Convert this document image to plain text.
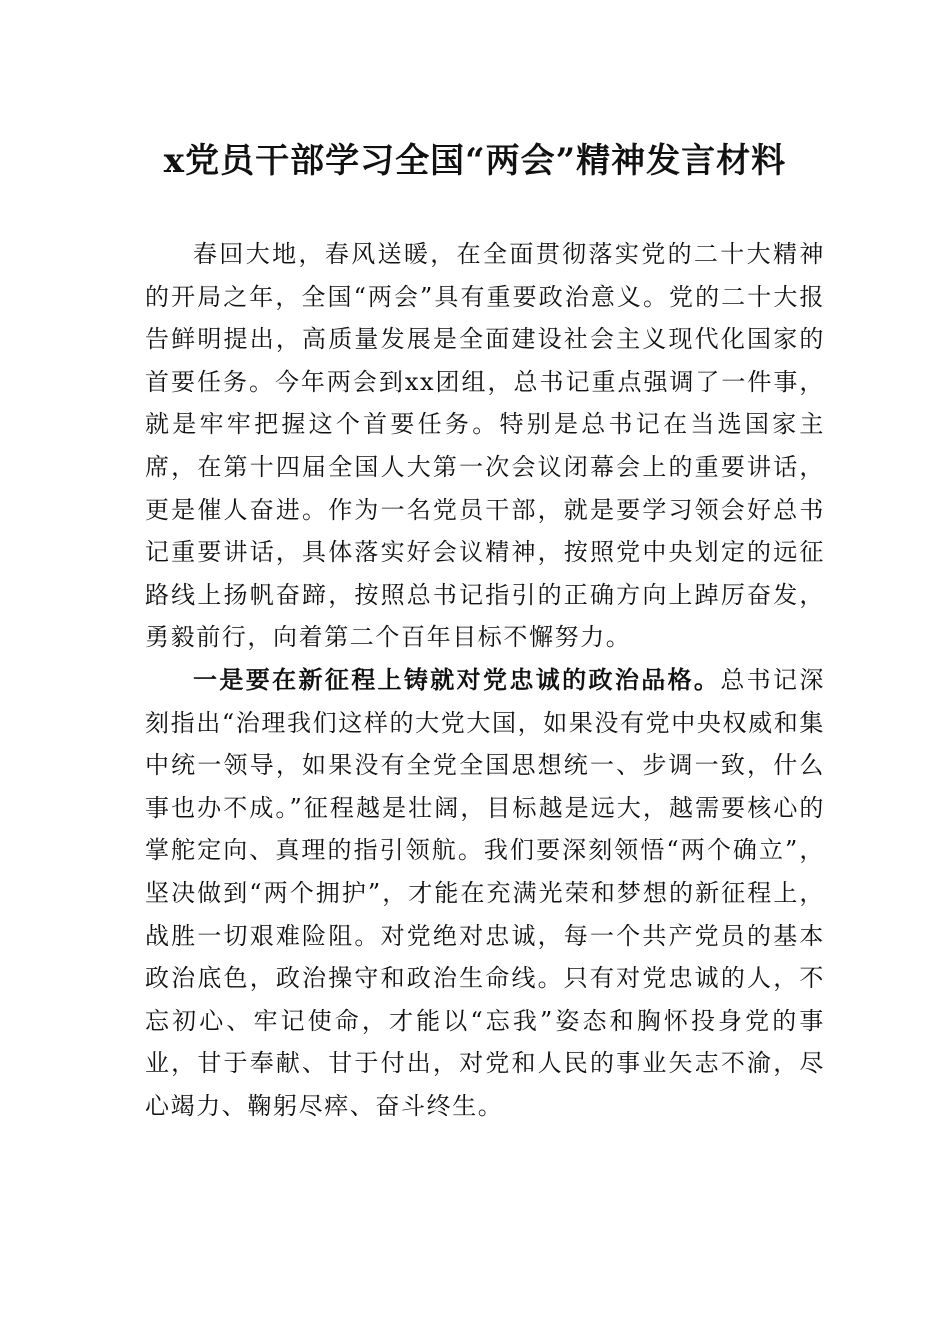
x党员干部学习全国“两会”精神发言材料

春回大地，春风送暖，在全面贯彻落实党的二十大精神的开局之年，全国“两会”具有重要政治意义。党的二十大报告鲜明提出，高质量发展是全面建设社会主义现代化国家的首要任务。今年两会到xx团组，总书记重点强调了一件事，就是牢牢把握这个首要任务。特别是总书记在当选国家主席，在第十四届全国人大第一次会议闭幕会上的重要讲话，更是催人奋进。作为一名党员干部，就是要学习领会好总书记重要讲话，具体落实好会议精神，按照党中央划定的远征路线上扬帆奋蹄，按照总书记指引的正确方向上踔厉奋发，勇毅前行，向着第二个百年目标不懈努力。

一是要在新征程上铸就对党忠诚的政治品格。总书记深刻指出“治理我们这样的大党大国，如果没有党中央权威和集中统一领导，如果没有全党全国思想统一、步调一致，什么事也办不成。”征程越是壮阔，目标越是远大，越需要核心的掌舵定向、真理的指引领航。我们要深刻领悟“两个确立”，坚决做到“两个拥护”，才能在充满光荣和梦想的新征程上，战胜一切艰难险阻。对党绝对忠诚，每一个共产党员的基本政治底色，政治操守和政治生命线。只有对党忠诚的人，不忘初心、牢记使命，才能以“忘我”姿态和胸怀投身党的事业，甘于奉献、甘于付出，对党和人民的事业矢志不渝，尽心竭力、鞠躬尽瘁、奋斗终生。
